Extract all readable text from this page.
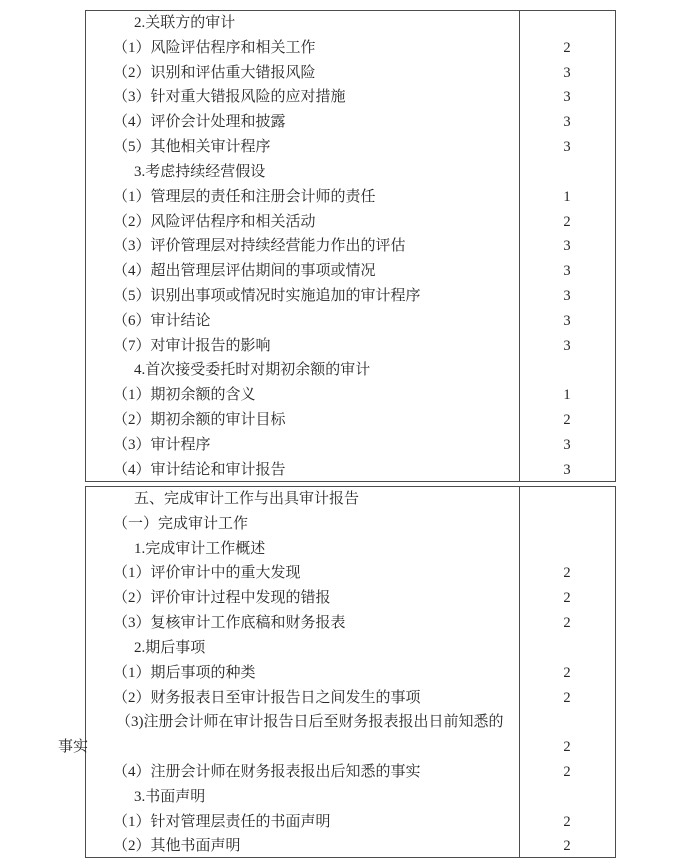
2.关联方的审计
（1）风险评估程序和相关工作	2
（2）识别和评估重大错报风险	3
（3）针对重大错报风险的应对措施	3
（4）评价会计处理和披露	3
（5）其他相关审计程序	3
3.考虑持续经营假设
（1）管理层的责任和注册会计师的责任	1
（2）风险评估程序和相关活动	2
（3）评价管理层对持续经营能力作出的评估	3
（4）超出管理层评估期间的事项或情况	3
（5）识别出事项或情况时实施追加的审计程序	3
（6）审计结论	3
（7）对审计报告的影响	3
4.首次接受委托时对期初余额的审计
（1）期初余额的含义	1
（2）期初余额的审计目标	2
（3）审计程序	3
（4）审计结论和审计报告	3
五、完成审计工作与出具审计报告
（一）完成审计工作
1.完成审计工作概述
（1）评价审计中的重大发现	2
（2）评价审计过程中发现的错报	2
（3）复核审计工作底稿和财务报表	2
2.期后事项
（1）期后事项的种类	2
（2）财务报表日至审计报告日之间发生的事项	2
（3)注册会计师在审计报告日后至财务报表报出日前知悉的
事实	2
（4）注册会计师在财务报表报出后知悉的事实	2
3.书面声明
（1）针对管理层责任的书面声明	2
（2）其他书面声明	2
